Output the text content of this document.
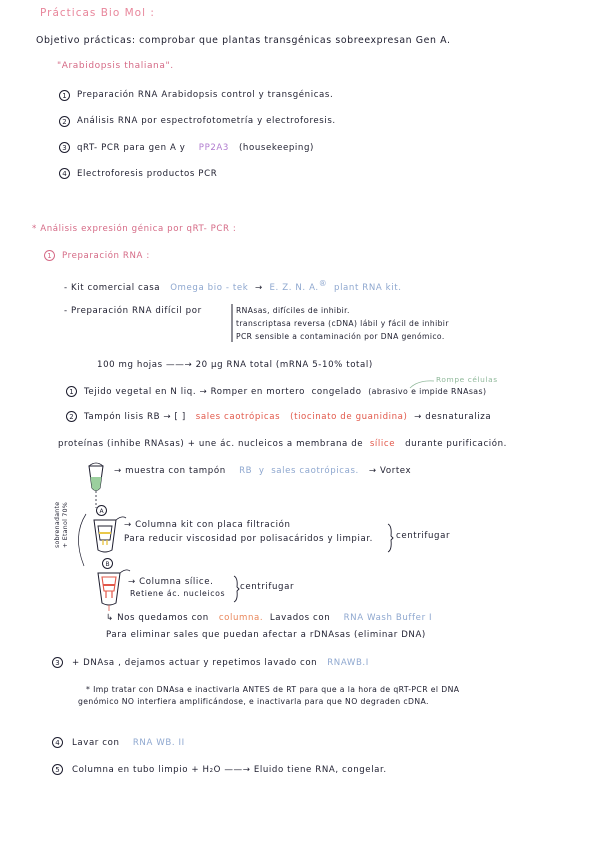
Prácticas Bio Mol :
Objetivo prácticas: comprobar que plantas transgénicas sobreexpresan Gen A.
"Arabidopsis thaliana".
1	Preparación RNA Arabidopsis control y transgénicas.
2	Análisis RNA por espectrofotometría y electroforesis.
3	qRT- PCR para gen A y PP2A3 (housekeeping)
4	Electroforesis productos PCR
* Análisis expresión génica por qRT- PCR :
1	Preparación RNA :
- Kit comercial casa Omega bio - tek → E. Z. N. A.® plant RNA kit.
- Preparación RNA difícil por	RNAsas, difíciles de inhibir.
transcriptasa reversa (cDNA) lábil y fácil de inhibir
PCR sensible a contaminación por DNA genómico.
100 mg hojas ——→ 20 µg RNA total (mRNA 5-10% total)
Rompe células
1	Tejido vegetal en N liq. → Romper en mortero congelado (abrasivo e impide RNAsas)
2	Tampón lisis RB → [ ] sales caotrópicas (tiocinato de guanidina) → desnaturaliza
proteínas (inhibe RNAsas) + une ác. nucleicos a membrana de sílice durante purificación.
→ muestra con tampón RB y sales caotrópicas. → Vortex
A
→ Columna kit con placa filtración
Para reducir viscosidad por polisacáridos y limpiar.	centrifugar
sobrenadante + Etanol 70%
B
→ Columna sílice.
Retiene ác. nucleicos
centrifugar
↳ Nos quedamos con columna. Lavados con RNA Wash Buffer I
Para eliminar sales que puedan afectar a rDNAsas (eliminar DNA)
3	+ DNAsa , dejamos actuar y repetimos lavado con RNAWB.I
* Imp tratar con DNAsa e inactivarla ANTES de RT para que a la hora de qRT-PCR el DNA
genómico NO interfiera amplificándose, e inactivarla para que NO degraden cDNA.
4	Lavar con RNA WB. II
5	Columna en tubo limpio + H₂O ——→ Eluido tiene RNA, congelar.
